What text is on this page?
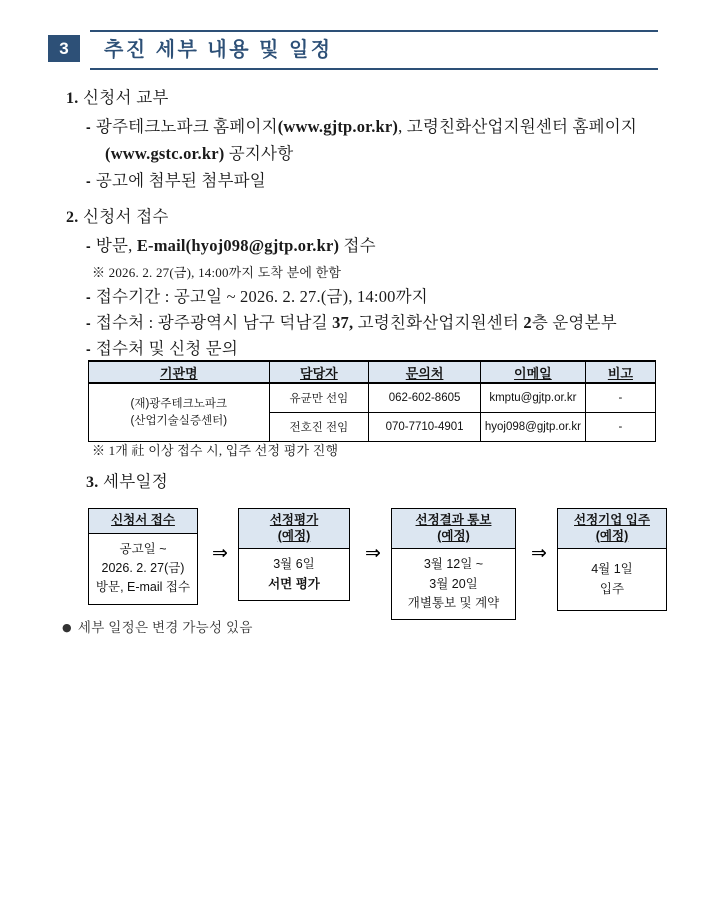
3	추진 세부 내용 및 일정
1. 신청서 교부
- 광주테크노파크 홈페이지(www.gjtp.or.kr), 고령친화산업지원센터 홈페이지
(www.gstc.or.kr) 공지사항
- 공고에 첨부된 첨부파일
2. 신청서 접수
- 방문, E-mail(hyoj098@gjtp.or.kr) 접수
※ 2026. 2. 27(금), 14:00까지 도착 분에 한함
- 접수기간 : 공고일 ~ 2026. 2. 27.(금), 14:00까지
- 접수처 : 광주광역시 남구 덕남길 37, 고령친화산업지원센터 2층 운영본부
- 접수처 및 신청 문의
기관명	담당자	문의처	이메일	비고

(재)광주테크노파크
(산업기술실증센터)	유균만 선임	062-602-8605	kmptu@gjtp.or.kr	-
	전호진 전임	070-7710-4901	hyoj098@gjtp.or.kr	-
※ 1개 社 이상 접수 시, 입주 선정 평가 진행
3. 세부일정
신청서 접수
공고일 ~
2026. 2. 27(금)
방문, E-mail 접수
⇒
선정평가
(예정)
3월 6일
서면 평가
⇒
선정결과 통보
(예정)
3월 12일 ~
3월 20일
개별통보 및 계약
⇒
선정기업 입주
(예정)
4월 1일
입주
● 세부 일정은 변경 가능성 있음
